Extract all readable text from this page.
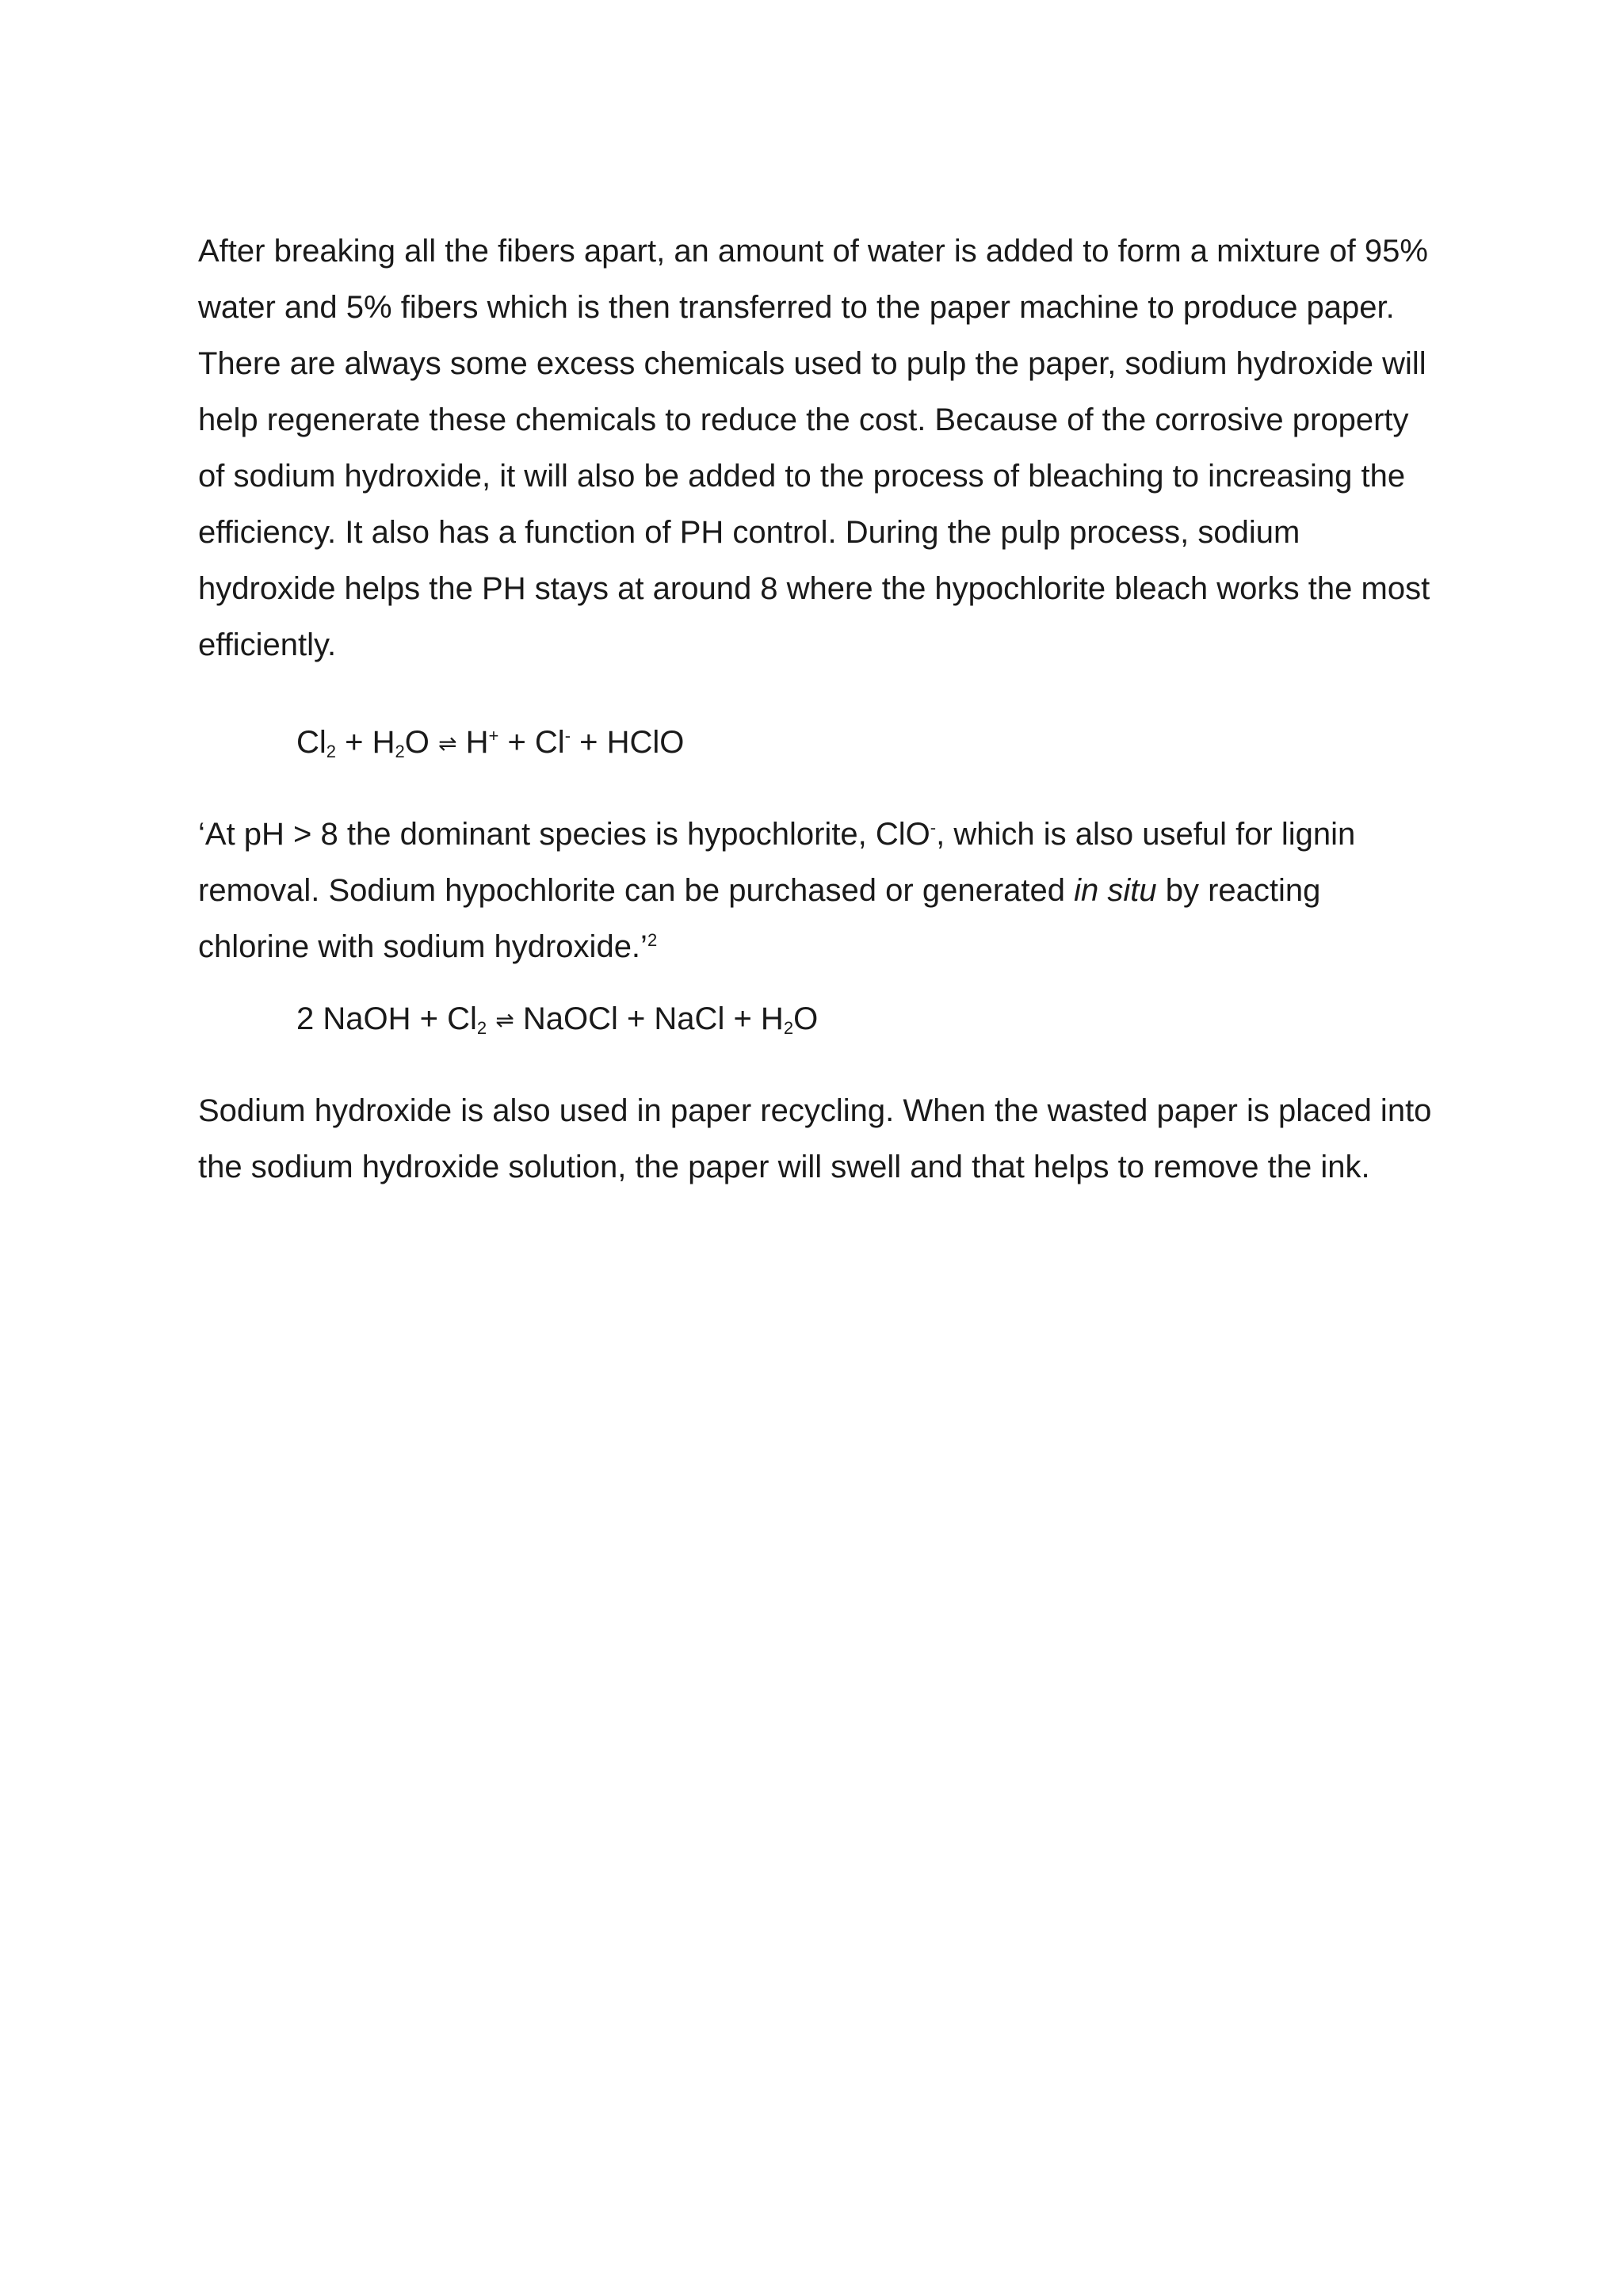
After breaking all the fibers apart, an amount of water is added to form a mixture of 95% water and 5% fibers which is then transferred to the paper machine to produce paper.

There are always some excess chemicals used to pulp the paper, sodium hydroxide will help regenerate these chemicals to reduce the cost. Because of the corrosive property of sodium hydroxide, it will also be added to the process of bleaching to increasing the efficiency. It also has a function of PH control. During the pulp process, sodium hydroxide helps the PH stays at around 8 where the hypochlorite bleach works the most efficiently.

$Cl_2 + H_2O$ ⇌ H+ + Cl- + HClO

‘At pH > 8 the dominant species is hypochlorite, ClO-, which is also useful for lignin removal. Sodium hypochlorite can be purchased or generated in situ by reacting chlorine with sodium hydroxide.’$^2$

2 NaOH + $Cl_2$ ⇌ NaOCl + NaCl + $H_2O$

Sodium hydroxide is also used in paper recycling. When the wasted paper is placed into the sodium hydroxide solution, the paper will swell and that helps to remove the ink.
